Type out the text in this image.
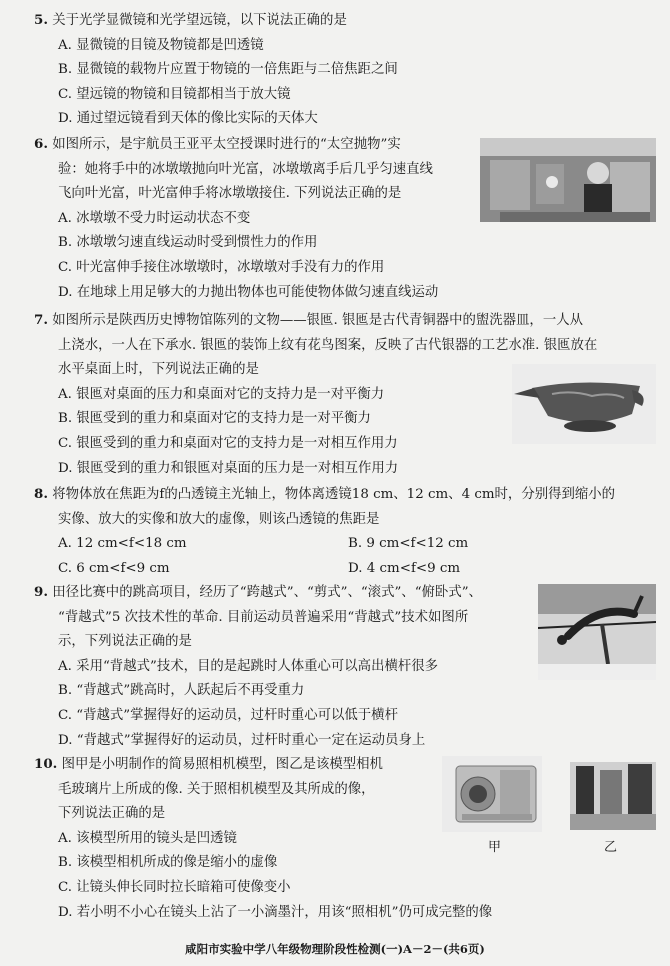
5. 关于光学显微镜和光学望远镜，以下说法正确的是
A. 显微镜的目镜及物镜都是凹透镜
B. 显微镜的载物片应置于物镜的一倍焦距与二倍焦距之间
C. 望远镜的物镜和目镜都相当于放大镜
D. 通过望远镜看到天体的像比实际的天体大
6. 如图所示，是宇航员王亚平太空授课时进行的“太空抛物”实
验：她将手中的冰墩墩抛向叶光富，冰墩墩离手后几乎匀速直线
飞向叶光富，叶光富伸手将冰墩墩接住. 下列说法正确的是
A. 冰墩墩不受力时运动状态不变
B. 冰墩墩匀速直线运动时受到惯性力的作用
C. 叶光富伸手接住冰墩墩时，冰墩墩对手没有力的作用
D. 在地球上用足够大的力抛出物体也可能使物体做匀速直线运动
7. 如图所示是陕西历史博物馆陈列的文物——银匜. 银匜是古代青铜器中的盥洗器皿，一人从
上浇水，一人在下承水. 银匜的装饰上纹有花鸟图案，反映了古代银器的工艺水准. 银匜放在
水平桌面上时，下列说法正确的是
A. 银匜对桌面的压力和桌面对它的支持力是一对平衡力
B. 银匜受到的重力和桌面对它的支持力是一对平衡力
C. 银匜受到的重力和桌面对它的支持力是一对相互作用力
D. 银匜受到的重力和银匜对桌面的压力是一对相互作用力
8. 将物体放在焦距为f的凸透镜主光轴上，物体离透镜18 cm、12 cm、4 cm时，分别得到缩小的
实像、放大的实像和放大的虚像，则该凸透镜的焦距是
A. 12 cm<f<18 cm	B. 9 cm<f<12 cm
C. 6 cm<f<9 cm	D. 4 cm<f<9 cm
9. 田径比赛中的跳高项目，经历了“跨越式”、“剪式”、“滚式”、“俯卧式”、
“背越式”5 次技术性的革命. 目前运动员普遍采用“背越式”技术如图所
示，下列说法正确的是
A. 采用“背越式”技术，目的是起跳时人体重心可以高出横杆很多
B. “背越式”跳高时，人跃起后不再受重力
C. “背越式”掌握得好的运动员，过杆时重心可以低于横杆
D. “背越式”掌握得好的运动员，过杆时重心一定在运动员身上
10. 图甲是小明制作的简易照相机模型，图乙是该模型相机
毛玻璃片上所成的像. 关于照相机模型及其所成的像，
下列说法正确的是
A. 该模型所用的镜头是凹透镜
B. 该模型相机所成的像是缩小的虚像
C. 让镜头伸长同时拉长暗箱可使像变小
D. 若小明不小心在镜头上沾了一小滴墨汁，用该“照相机”仍可成完整的像
甲	乙
咸阳市实验中学八年级物理阶段性检测(一)A－2－(共6页)
